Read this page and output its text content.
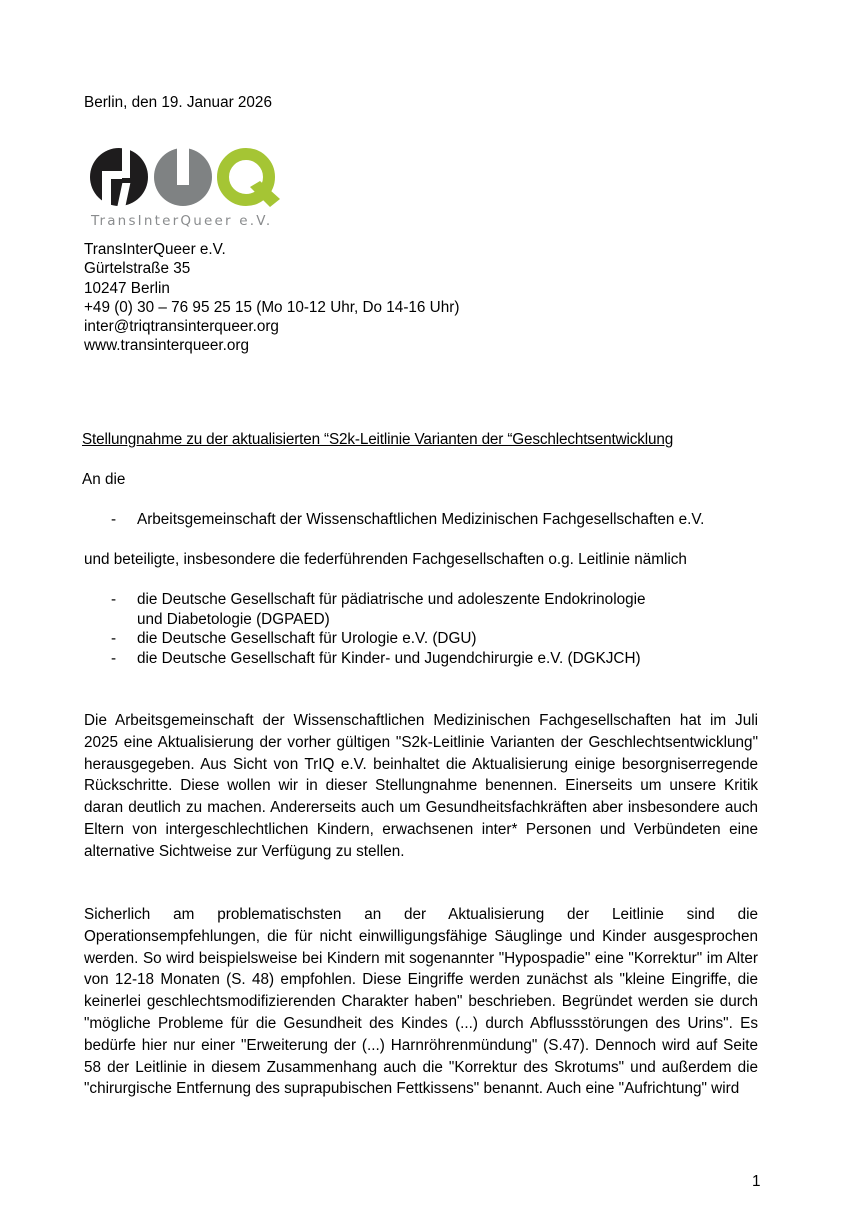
Berlin, den 19. Januar 2026
TransInterQueer e.V.
TransInterQueer e.V.
Gürtelstraße 35
10247 Berlin
+49 (0) 30 – 76 95 25 15 (Mo 10-12 Uhr, Do 14-16 Uhr)
inter@triqtransinterqueer.org
www.transinterqueer.org
Stellungnahme zu der aktualisierten “S2k-Leitlinie Varianten der “Geschlechtsentwicklung
An die
- Arbeitsgemeinschaft der Wissenschaftlichen Medizinischen Fachgesellschaften e.V.
und beteiligte, insbesondere die federführenden Fachgesellschaften o.g. Leitlinie nämlich
- die Deutsche Gesellschaft für pädiatrische und adoleszente Endokrinologie
und Diabetologie (DGPAED)
- die Deutsche Gesellschaft für Urologie e.V. (DGU)
- die Deutsche Gesellschaft für Kinder- und Jugendchirurgie e.V. (DGKJCH)
Die Arbeitsgemeinschaft der Wissenschaftlichen Medizinischen Fachgesellschaften hat im Juli 2025 eine Aktualisierung der vorher gültigen "S2k-Leitlinie Varianten der Geschlechtsentwicklung" herausgegeben. Aus Sicht von TrIQ e.V. beinhaltet die Aktualisierung einige besorgniserregende Rückschritte. Diese wollen wir in dieser Stellungnahme benennen. Einerseits um unsere Kritik daran deutlich zu machen. Andererseits auch um Gesundheitsfachkräften aber insbesondere auch Eltern von intergeschlechtlichen Kindern, erwachsenen inter* Personen und Verbündeten eine alternative Sichtweise zur Verfügung zu stellen.
Sicherlich am problematischsten an der Aktualisierung der Leitlinie sind die Operationsempfehlungen, die für nicht einwilligungsfähige Säuglinge und Kinder ausgesprochen werden. So wird beispielsweise bei Kindern mit sogenannter "Hypospadie" eine "Korrektur" im Alter von 12-18 Monaten (S. 48) empfohlen. Diese Eingriffe werden zunächst als "kleine Eingriffe, die keinerlei geschlechtsmodifizierenden Charakter haben" beschrieben. Begründet werden sie durch "mögliche Probleme für die Gesundheit des Kindes (...) durch Abflussstörungen des Urins". Es bedürfe hier nur einer "Erweiterung der (...) Harnröhrenmündung" (S.47). Dennoch wird auf Seite 58 der Leitlinie in diesem Zusammenhang auch die "Korrektur des Skrotums" und außerdem die "chirurgische Entfernung des suprapubischen Fettkissens" benannt. Auch eine "Aufrichtung" wird
1
